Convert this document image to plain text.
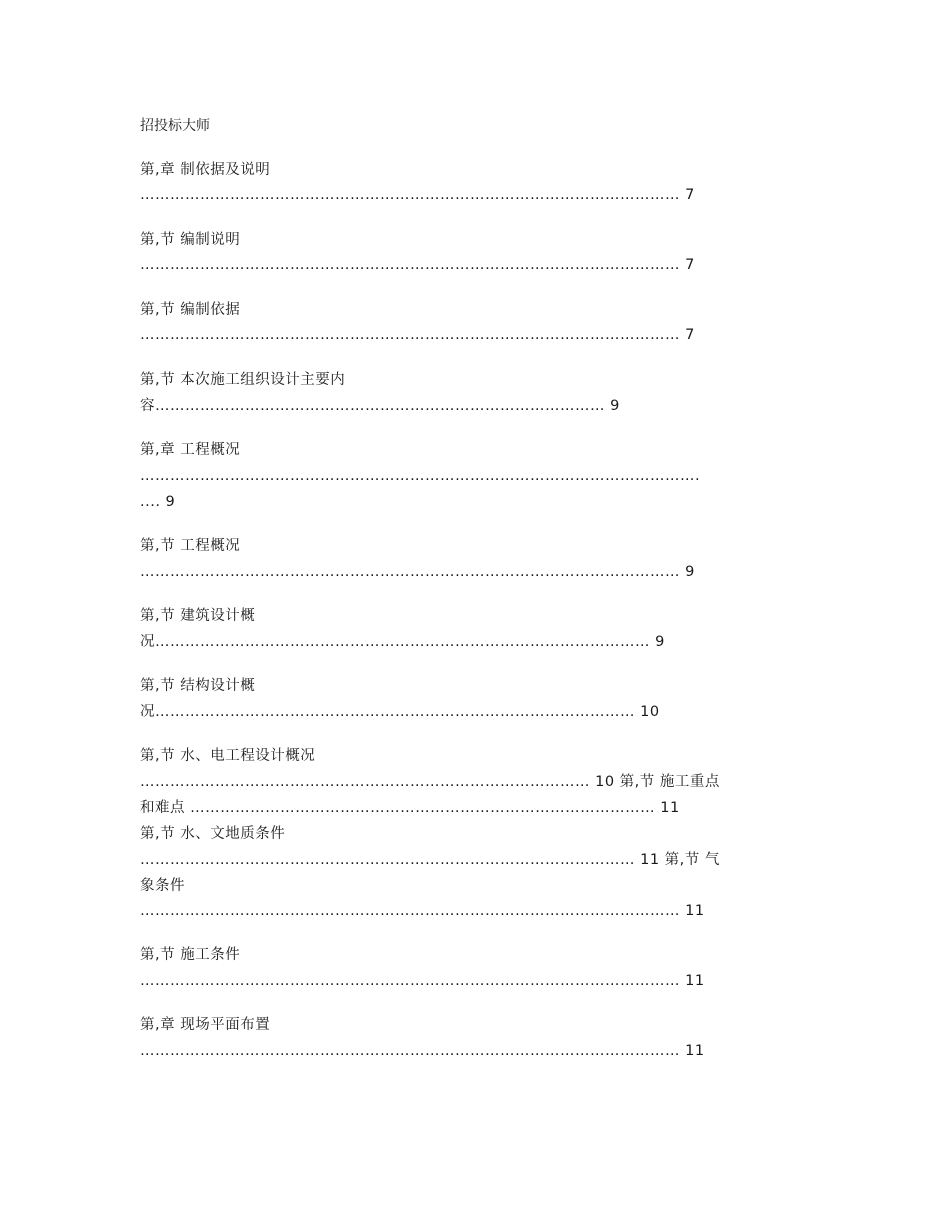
招投标大师
第,章 制依据及说明
……………………………………………………………………………………………… 7
第,节 编制说明
……………………………………………………………………………………………… 7
第,节 编制依据
……………………………………………………………………………………………… 7
第,节 本次施工组织设计主要内
容……………………………………………………………………………… 9
第,章 工程概况
………………………………………………………………………………………………….
.... 9
第,节 工程概况
……………………………………………………………………………………………… 9
第,节 建筑设计概
况……………………………………………………………………………………… 9
第,节 结构设计概
况…………………………………………………………………………………… 10
第,节 水、电工程设计概况
……………………………………………………………………………… 10 第,节 施工重点
和难点 ………………………………………………………………………………… 11
第,节 水、文地质条件
……………………………………………………………………………………… 11 第,节 气
象条件
……………………………………………………………………………………………… 11
第,节 施工条件
……………………………………………………………………………………………… 11
第,章 现场平面布置
……………………………………………………………………………………………… 11
